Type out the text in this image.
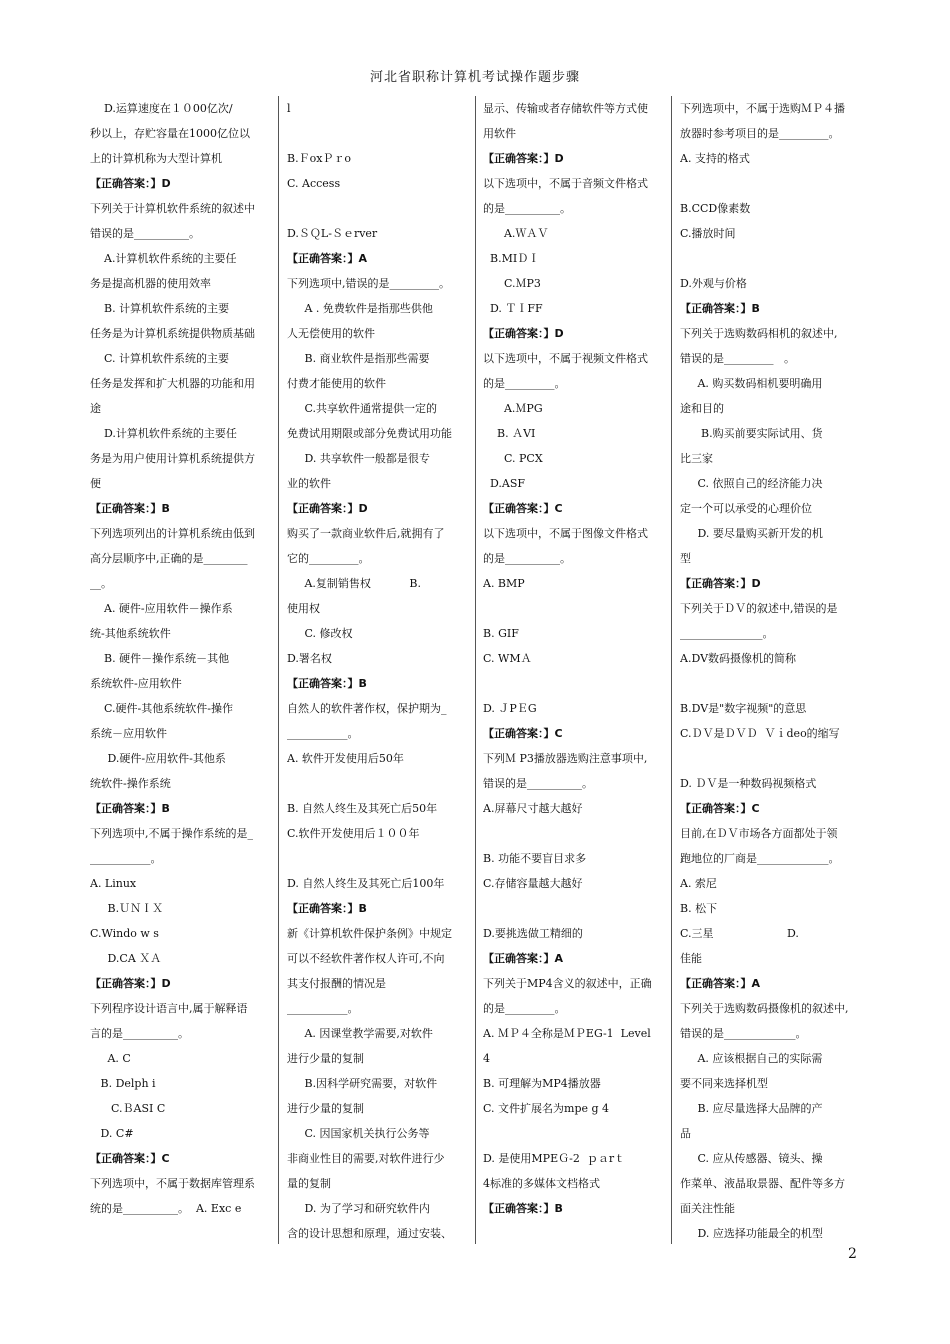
河北省职称计算机考试操作题步骤
D.运算速度在１０00亿次/
秒以上，存贮容量在1000亿位以
上的计算机称为大型计算机
【正确答案：】D
下列关于计算机软件系统的叙述中
错误的是__________。
A.计算机软件系统的主要任
务是提高机器的使用效率
B. 计算机软件系统的主要
任务是为计算机系统提供物质基础
C. 计算机软件系统的主要
任务是发挥和扩大机器的功能和用
途
D.计算机软件系统的主要任
务是为用户使用计算机系统提供方
便
【正确答案：】B
下列选项列出的计算机系统由低到
高分层顺序中,正确的是________
__。
A. 硬件-应用软件－操作系
统-其他系统软件
B. 硬件－操作系统－其他
系统软件-应用软件
C.硬件-其他系统软件-操作
系统－应用软件
D.硬件-应用软件-其他系
统软件-操作系统
【正确答案：】B
下列选项中,不属于操作系统的是_
___________。
A. Linux
B.ＵＮＩＸ
C.Windo w s
D.CA ＸＡ
【正确答案：】D
下列程序设计语言中,属于解释语
言的是__________。
A. C
B. Delph i
C.ＢASI C
D. C#
【正确答案：】C
下列选项中，不属于数据库管理系
统的是__________。  A. Exc e
l
B.ＦoxＰｒo
C. Access
D.ＳＱL-Ｓｅrver
【正确答案：】A
下列选项中,错误的是_________。
A . 免费软件是指那些供他
人无偿使用的软件
B. 商业软件是指那些需要
付费才能使用的软件
C.共享软件通常提供一定的
免费试用期限或部分免费试用功能
D. 共享软件一般都是很专
业的软件
【正确答案：】D
购买了一款商业软件后,就拥有了
它的_________。
A.复制销售权           B.
使用权
C. 修改权
D.署名权
【正确答案：】B
自然人的软件著作权，保护期为_
___________。
A. 软件开发使用后50年
B. 自然人终生及其死亡后50年
C.软件开发使用后１００年
D. 自然人终生及其死亡后100年
【正确答案：】B
新《计算机软件保护条例》中规定
可以不经软件著作权人许可,不向
其支付报酬的情况是
___________。
A. 因课堂教学需要,对软件
进行少量的复制
B.因科学研究需要，对软件
进行少量的复制
C. 因国家机关执行公务等
非商业性目的需要,对软件进行少
量的复制
D. 为了学习和研究软件内
含的设计思想和原理，通过安装、
显示、传输或者存储软件等方式使
用软件
【正确答案：】D
以下选项中，不属于音频文件格式
的是__________。
A.ＷＡＶ
B.MIＤＩ
C.ＭP3
D. ＴＩFF
【正确答案：】D
以下选项中，不属于视频文件格式
的是_________。
A.ＭPG
B. ＡVI
C. PCX
D.ASF
【正确答案：】C
以下选项中，不属于图像文件格式
的是__________。
A. BMP
B. GIF
C. WMＡ
D. ＪPＥG
【正确答案：】C
下列Ｍ P3播放器选购注意事项中,
错误的是__________。
A.屏幕尺寸越大越好
B. 功能不要盲目求多
C.存储容量越大越好
D.要挑选做工精细的
【正确答案：】A
下列关于MP4含义的叙述中，正确
的是_________。
A. ＭＰ４全称是ＭＰEG-1  Level
4
B. 可理解为MP4播放器
C. 文件扩展名为mpe g 4
D. 是使用MPEＧ-2  ｐａrｔ
4标准的多媒体文档格式
【正确答案：】B
下列选项中，不属于选购ＭＰ４播
放器时参考项目的是_________。
A. 支持的格式
B.CCD像素数
C.播放时间
D.外观与价格
【正确答案：】B
下列关于选购数码相机的叙述中,
错误的是_________   。
A. 购买数码相机要明确用
途和目的
B.购买前要实际试用、货
比三家
C. 依照自己的经济能力决
定一个可以承受的心理价位
D. 要尽量购买新开发的机
型
【正确答案：】D
下列关于ＤＶ的叙述中,错误的是
_______________。
A.DV数码摄像机的简称
B.DV是"数字视频"的意思
C.ＤＶ是ＤＶＤ  Ｖｉdeo的缩写
D. ＤＶ是一种数码视频格式
【正确答案：】C
目前,在ＤＶ市场各方面都处于领
跑地位的厂商是_____________。
A. 索尼
B. 松下
C.三星                     D.
佳能
【正确答案：】A
下列关于选购数码摄像机的叙述中,
错误的是_____________。
A. 应该根据自己的实际需
要不同来选择机型
B. 应尽量选择大品牌的产
品
C. 应从传感器、镜头、操
作菜单、液晶取景器、配件等多方
面关注性能
D. 应选择功能最全的机型
2
